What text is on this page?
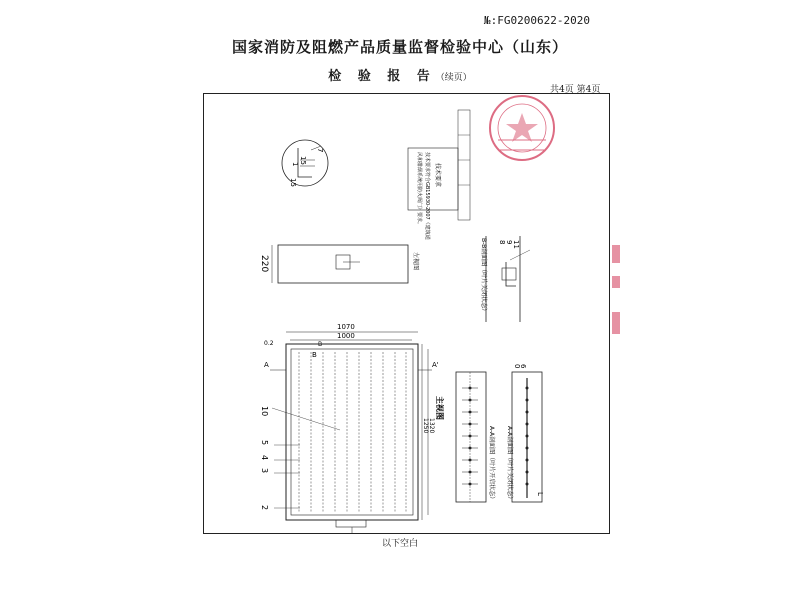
№:FG0200622-2020
国家消防及阻燃产品质量监督检验中心（山东）
检 验 报 告（续页）
共4页 第4页
1 15
7
15	技术要求
技术要求符合GB15930-2007《建筑通
风和排烟系统用防火阀门》要求。
220	左视图
1070
1000
B
B
0.2
A	A'
10
5
4
3
2
1250 1320
主视图
8 9 11
B-B剖面图（叶片关闭状态）
A-A剖面图（叶片开启状态）
0
6
L
A-A剖面图（叶片关闭状态）
以下空白
